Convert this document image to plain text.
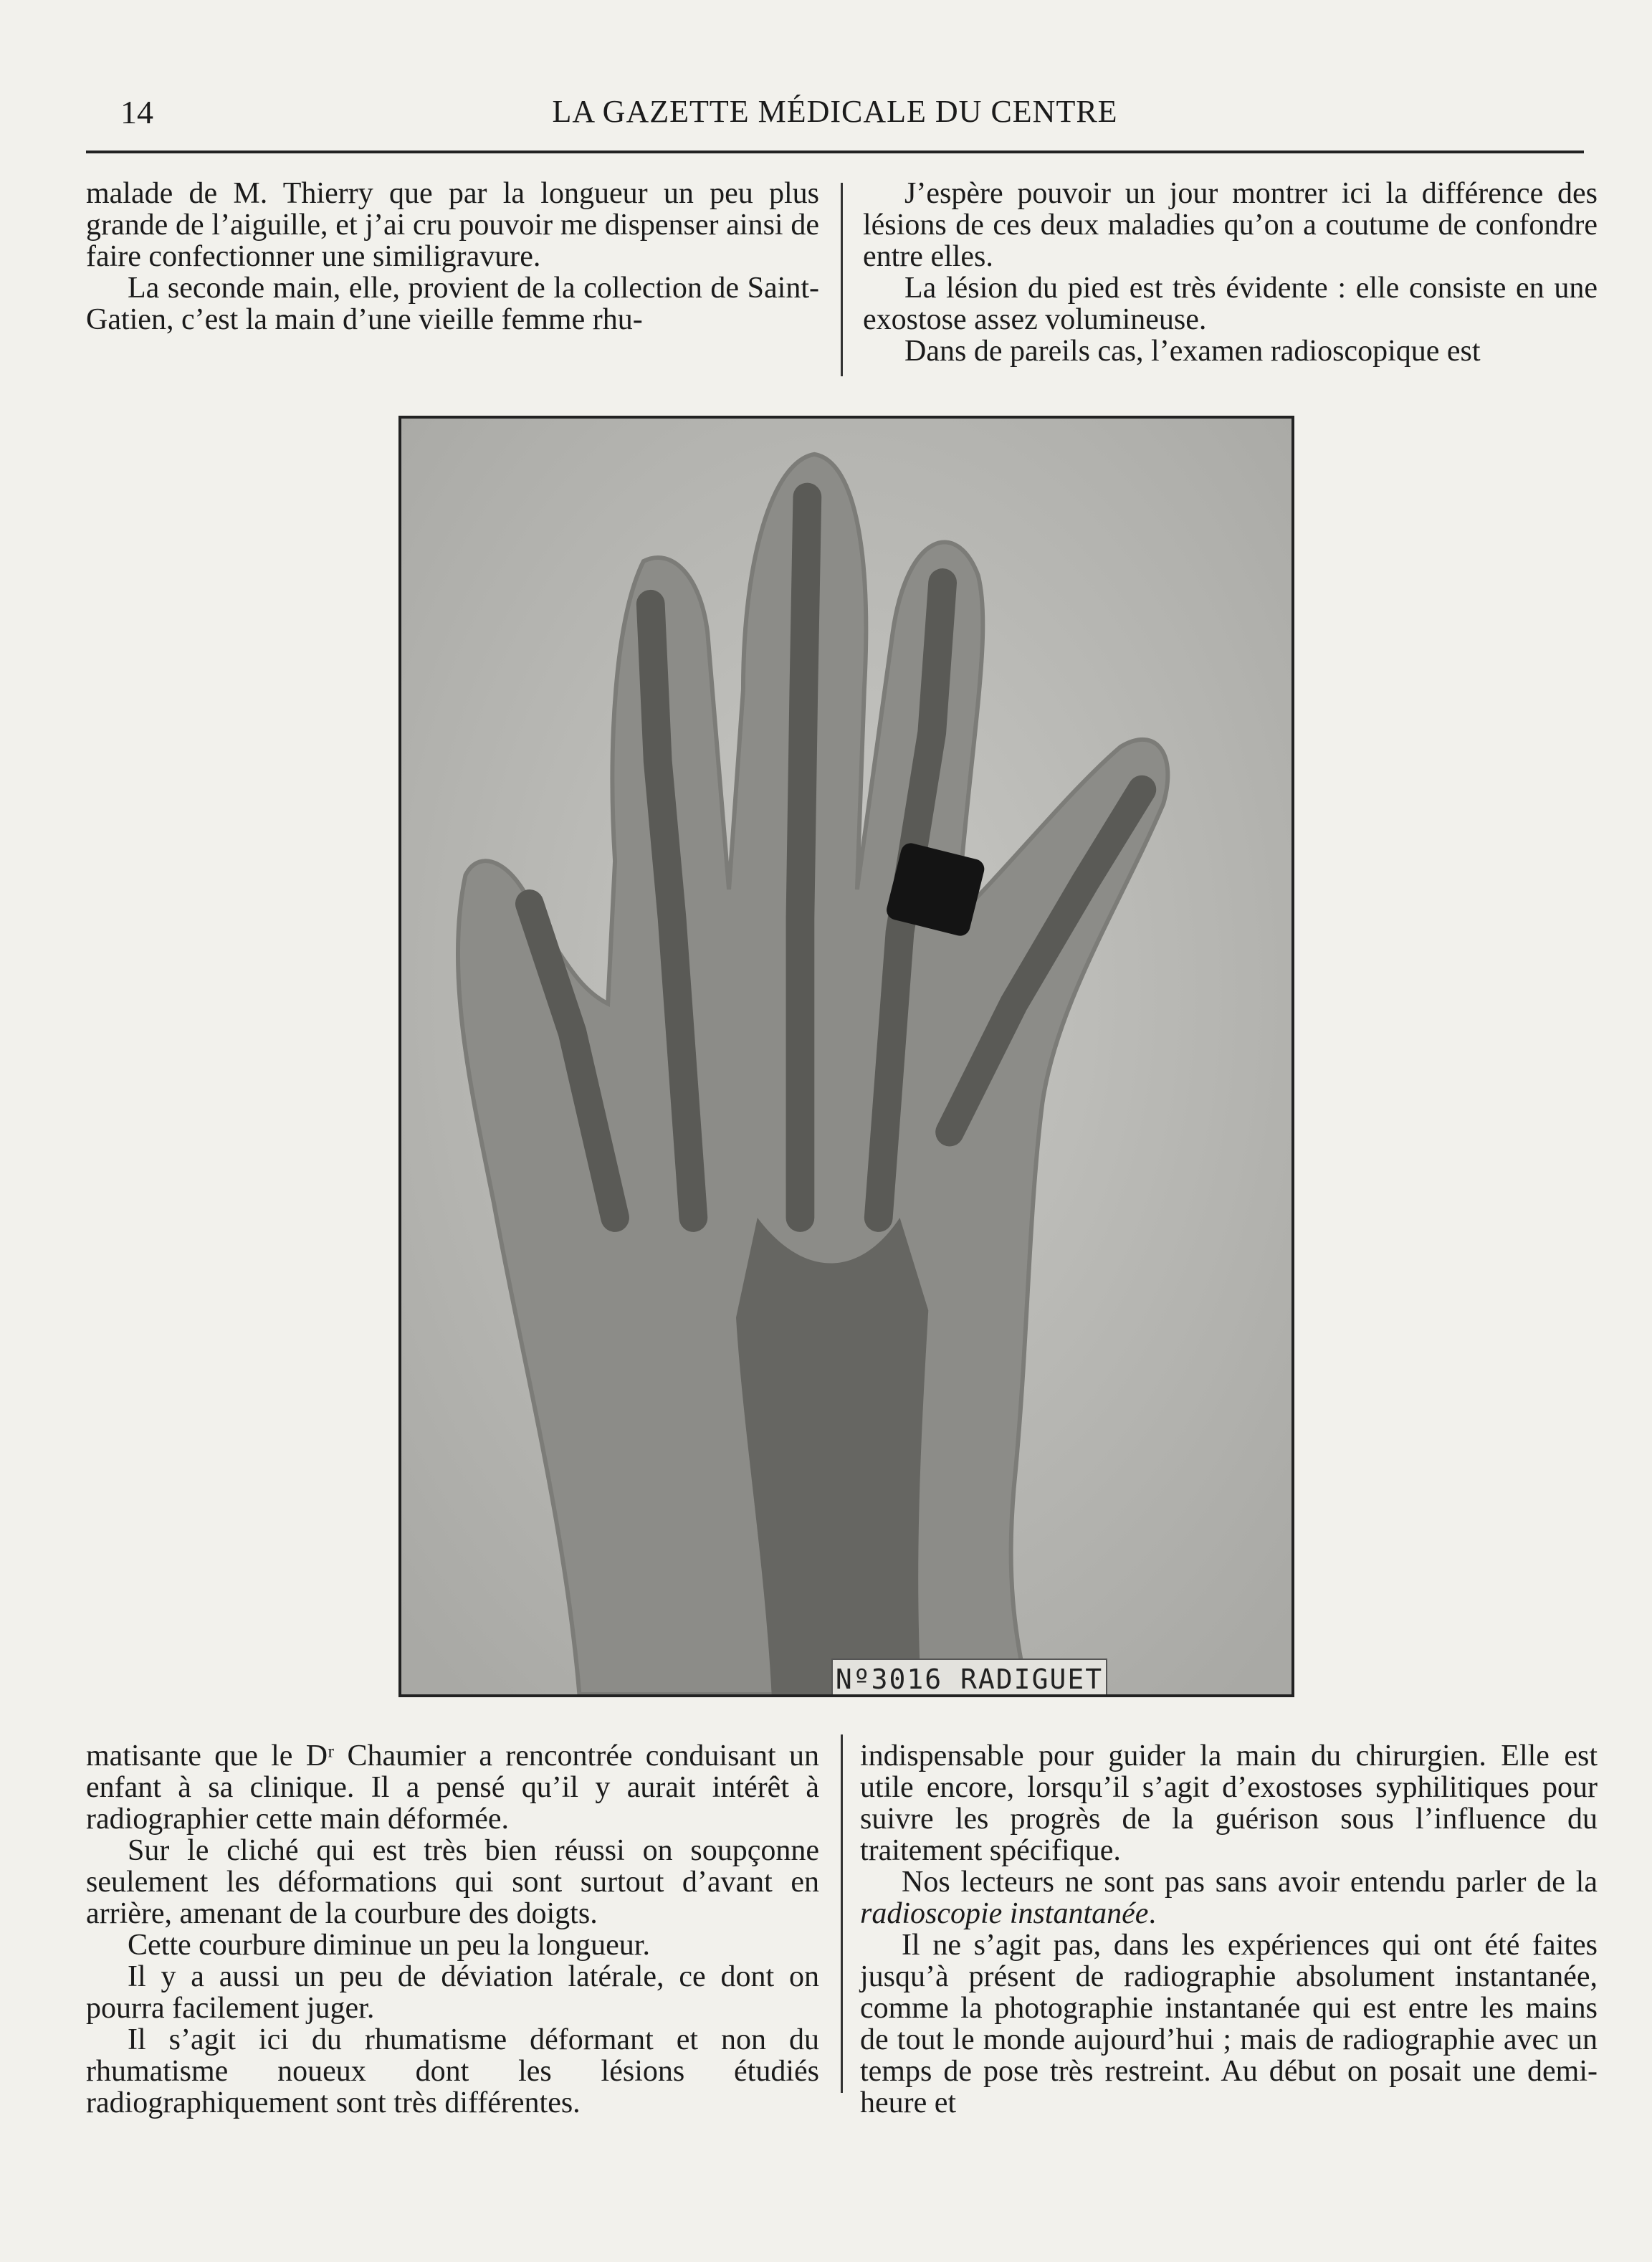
14	LA GAZETTE MÉDICALE DU CENTRE

malade de M. Thierry que par la longueur un peu plus grande de l’aiguille, et j’ai cru pouvoir me dispenser ainsi de faire confectionner une similigravure.

La seconde main, elle, provient de la collection de Saint-Gatien, c’est la main d’une vieille femme rhu-

J’espère pouvoir un jour montrer ici la différence des lésions de ces deux maladies qu’on a coutume de confondre entre elles.

La lésion du pied est très évidente : elle consiste en une exostose assez volumineuse.

Dans de pareils cas, l’examen radioscopique est

Nº3016 RADIGUET

matisante que le Dʳ Chaumier a rencontrée conduisant un enfant à sa clinique. Il a pensé qu’il y aurait intérêt à radiographier cette main déformée.

Sur le cliché qui est très bien réussi on soupçonne seulement les déformations qui sont surtout d’avant en arrière, amenant de la courbure des doigts.

Cette courbure diminue un peu la longueur.

Il y a aussi un peu de déviation latérale, ce dont on pourra facilement juger.

Il s’agit ici du rhumatisme déformant et non du rhumatisme noueux dont les lésions étudiés radiographiquement sont très différentes.

indispensable pour guider la main du chirurgien. Elle est utile encore, lorsqu’il s’agit d’exostoses syphilitiques pour suivre les progrès de la guérison sous l’influence du traitement spécifique.

Nos lecteurs ne sont pas sans avoir entendu parler de la radioscopie instantanée.

Il ne s’agit pas, dans les expériences qui ont été faites jusqu’à présent de radiographie absolument instantanée, comme la photographie instantanée qui est entre les mains de tout le monde aujourd’hui ; mais de radiographie avec un temps de pose très restreint. Au début on posait une demi-heure et
